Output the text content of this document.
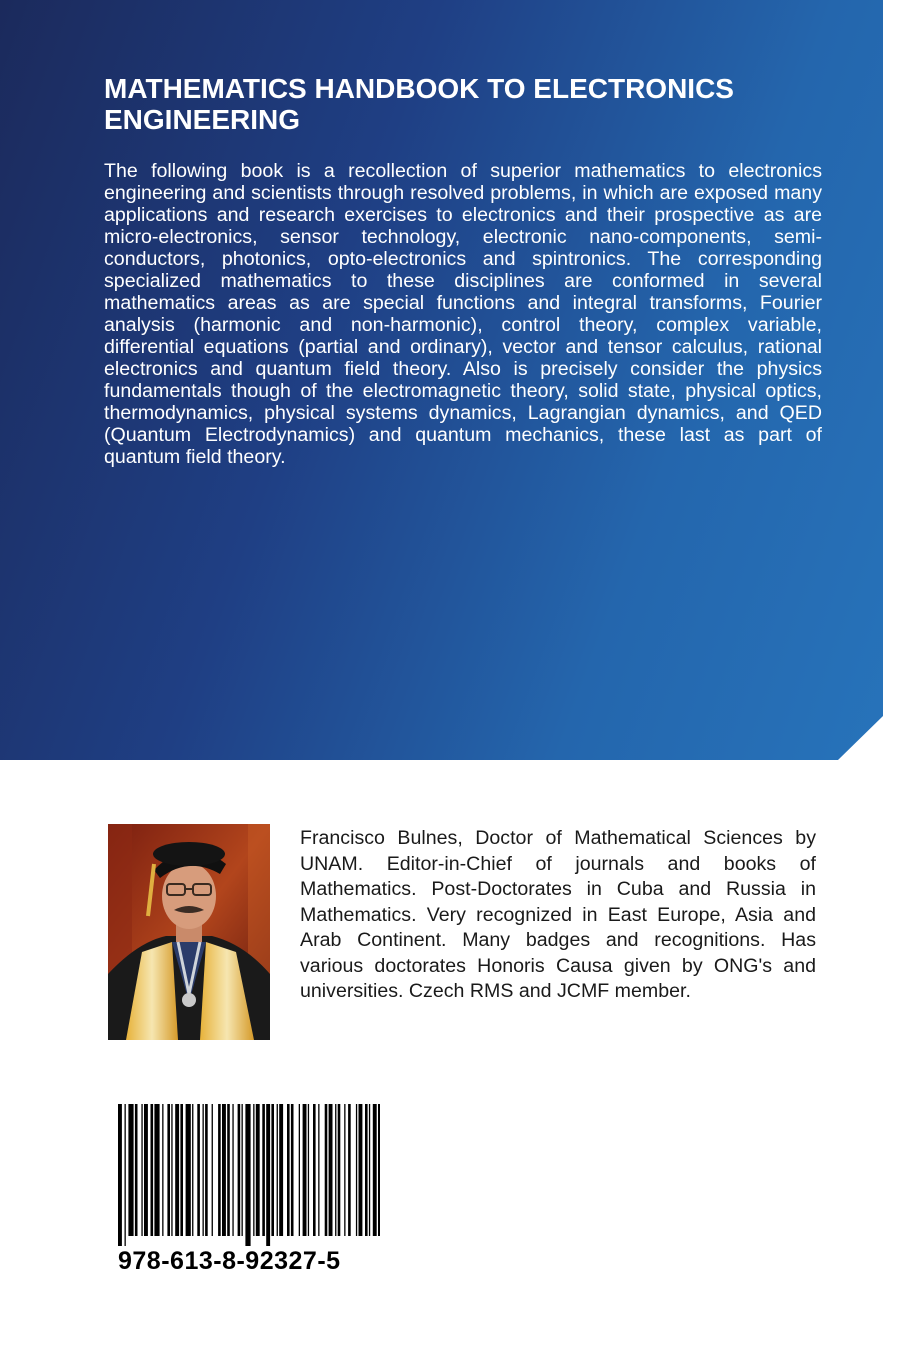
MATHEMATICS HANDBOOK TO ELECTRONICS ENGINEERING

The following book is a recollection of superior mathematics to electronics engineering and scientists through resolved problems, in which are exposed many applications and research exercises to electronics and their prospective as are micro-electronics, sensor technology, electronic nano-components, semi-conductors, photonics, opto-electronics and spintronics. The corresponding specialized mathematics to these disciplines are conformed in several mathematics areas as are special functions and integral transforms, Fourier analysis (harmonic and non-harmonic), control theory, complex variable, differential equations (partial and ordinary), vector and tensor calculus, rational electronics and quantum field theory. Also is precisely consider the physics fundamentals though of the electromagnetic theory, solid state, physical optics, thermodynamics, physical systems dynamics, Lagrangian dynamics, and QED (Quantum Electrodynamics) and quantum mechanics, these last as part of quantum field theory.

Francisco Bulnes, Doctor of Mathematical Sciences by UNAM. Editor-in-Chief of journals and books of Mathematics. Post-Doctorates in Cuba and Russia in Mathematics. Very recognized in East Europe, Asia and Arab Continent. Many badges and recognitions. Has various doctorates Honoris Causa given by ONG's and universities. Czech RMS and JCMF member.

978-613-8-92327-5
